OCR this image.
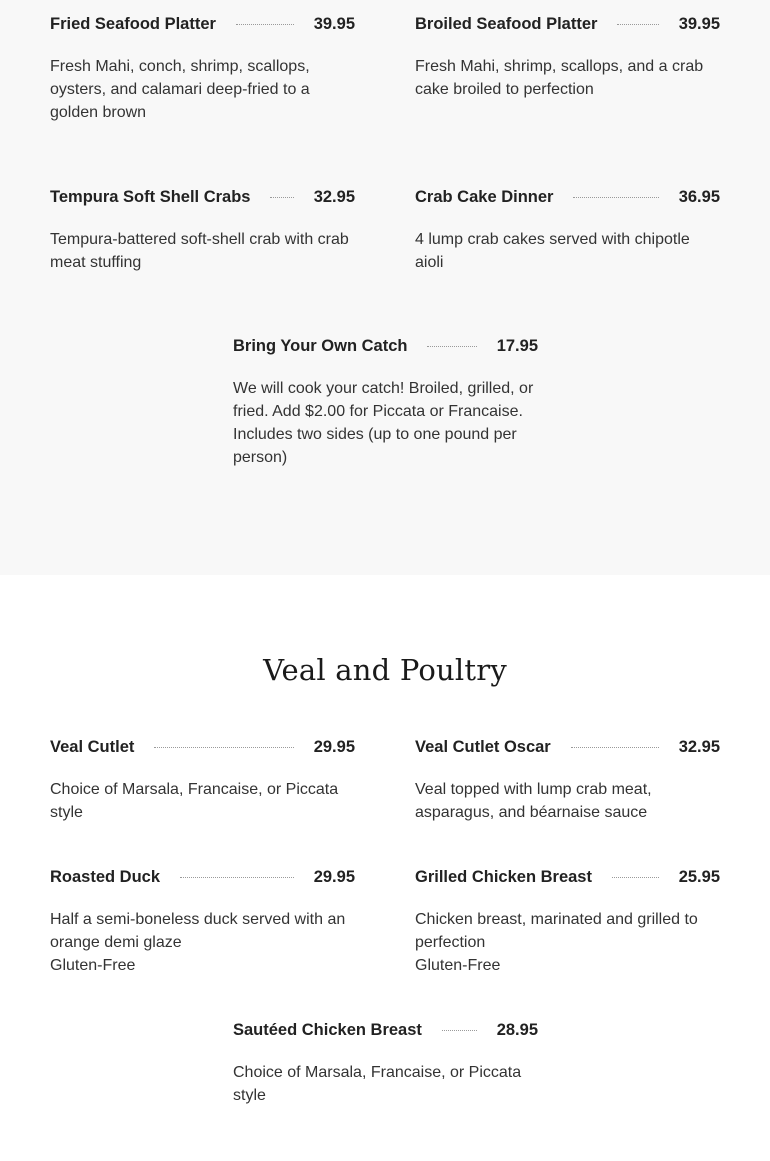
Fried Seafood Platter	39.95
Fresh Mahi, conch, shrimp, scallops, oysters, and calamari deep-fried to a golden brown
Broiled Seafood Platter	39.95
Fresh Mahi, shrimp, scallops, and a crab cake broiled to perfection
Tempura Soft Shell Crabs	32.95
Tempura-battered soft-shell crab with crab meat stuffing
Crab Cake Dinner	36.95
4 lump crab cakes served with chipotle aioli
Bring Your Own Catch	17.95
We will cook your catch! Broiled, grilled, or fried. Add $2.00 for Piccata or Francaise.
Includes two sides (up to one pound per person)
Veal and Poultry
Veal Cutlet	29.95
Choice of Marsala, Francaise, or Piccata style
Veal Cutlet Oscar	32.95
Veal topped with lump crab meat, asparagus, and béarnaise sauce
Roasted Duck	29.95
Half a semi-boneless duck served with an orange demi glaze
Gluten-Free
Grilled Chicken Breast	25.95
Chicken breast, marinated and grilled to perfection
Gluten-Free
Sautéed Chicken Breast	28.95
Choice of Marsala, Francaise, or Piccata style
